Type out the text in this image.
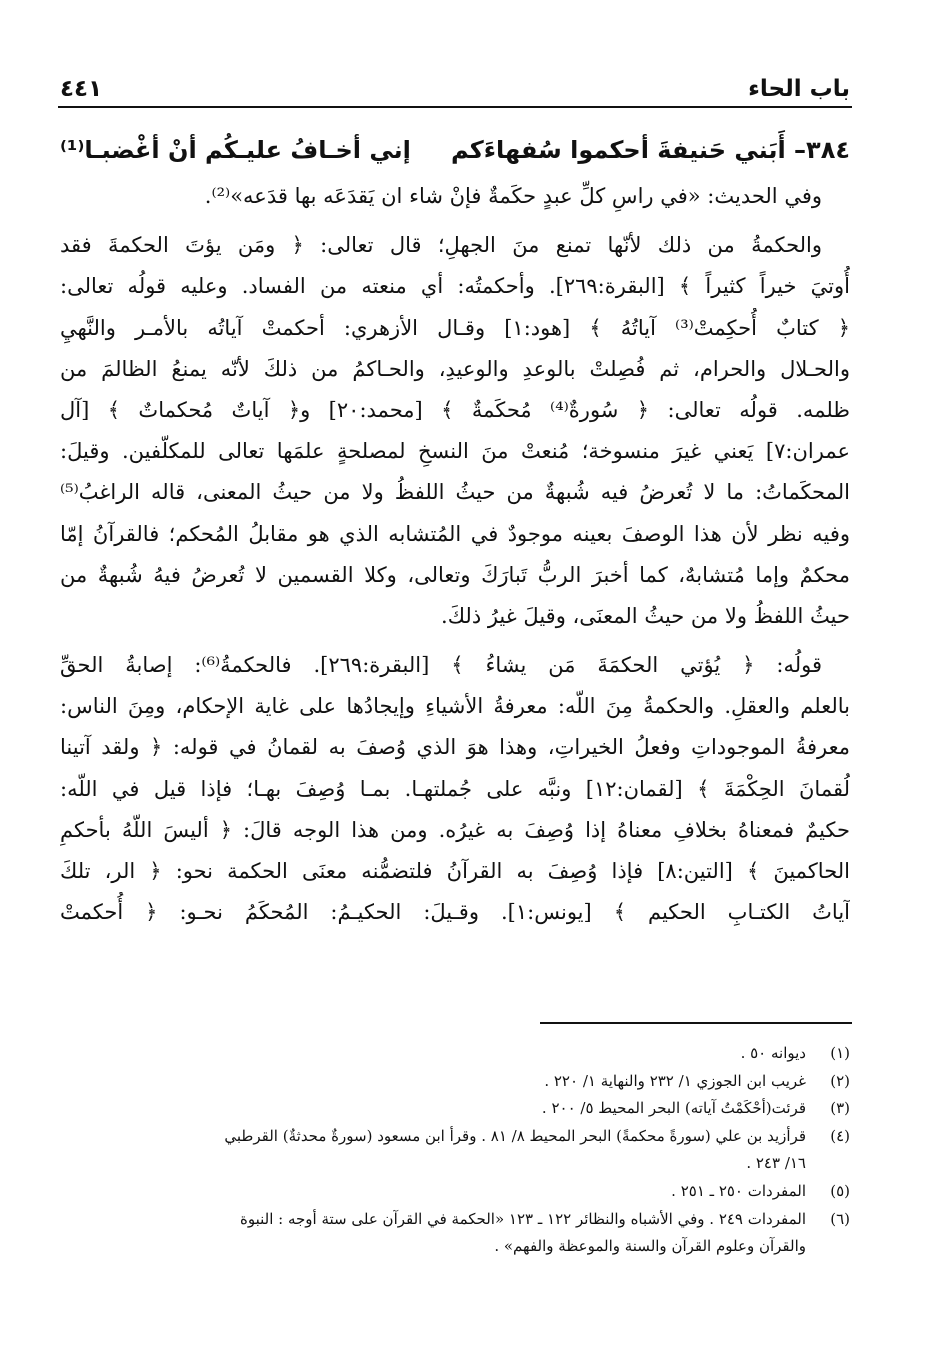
باب الحاء
٤٤١
٣٨٤– أَبَني حَنيفةَ أحكموا سُفهاءَكم
إني أخـافُ عليـكُم أنْ أغْضبـا⁽¹⁾
وفي الحديث: «في راسِ كلِّ عبدٍ حكَمةٌ فإنْ شاء ان يَقدَعَه بها قدَعه»⁽²⁾.
والحكمةُ من ذلك لأنّها تمنع منَ الجهلِ؛ قال تعالى: ﴿ ومَن يؤتَ الحكمةَ فقد
أُوتيَ خيراً كثيراً ﴾ [البقرة:٢٦٩]. وأحكمتُه: أي منعته من الفساد. وعليه قولُه تعالى:
﴿ كتابٌ أُحكِمتْ⁽³⁾ آياتُهُ ﴾ [هود:١] وقـال الأزهري: أحكمتْ آياتُه بالأمـر والنَّهيِ
والحـلال والحرام، ثم فُصِلتْ بالوعدِ والوعيدِ، والحـاكمُ من ذلكَ لأنّه يمنعُ الظالمَ من
ظلمه. قولُه تعالى: ﴿ سُورةٌ⁽⁴⁾ مُحكَمةٌ ﴾ [محمد:٢٠] و﴿ آياتٌ مُحكماتٌ ﴾ [آل
عمران:٧] يَعني غيرَ منسوخة؛ مُنعتْ منَ النسخِ لمصلحةٍ علمَها تعالى للمكلّفين. وقيلَ:
المحكَماتُ: ما لا تُعرضُ فيه شُبهةٌ من حيثُ اللفظُ ولا من حيثُ المعنى، قاله الراغبُ⁽⁵⁾
وفيه نظر لأن هذا الوصفَ بعينه موجودٌ في المُتشابه الذي هو مقابلُ المُحكم؛ فالقرآنُ إمّا
محكمٌ وإما مُتشابهٌ، كما أخبرَ الربُّ تَبارَكَ وتعالى، وكلا القسمين لا تُعرضُ فيهُ شُبهةٌ من
حيثُ اللفظُ ولا من حيثُ المعنَى، وقيلَ غيرُ ذلكَ.
قولُه: ﴿ يُؤتي الحكمَةَ مَن يشاءُ ﴾ [البقرة:٢٦٩]. فالحكمةُ⁽⁶⁾: إصابةُ الحقِّ
بالعلم والعقلِ. والحكمةُ مِنَ اللّه: معرفةُ الأشياءِ وإيجادُها على غاية الإحكام، ومِنَ الناس:
معرفةُ الموجوداتِ وفعلُ الخيراتِ، وهذا هوَ الذي وُصفَ به لقمانُ في قوله: ﴿ ولقد آتينا
لُقمانَ الحِكْمَةَ ﴾ [لقمان:١٢] ونبَّه على جُملتهـا. بمـا وُصِفَ بهـا؛ فإذا قيل في اللّه:
حكيمٌ فمعناهُ بخلافِ معناهُ إذا وُصِفَ به غيرُه. ومن هذا الوجه قالَ: ﴿ أليسَ اللّهُ بأحكمِ
الحاكمينَ ﴾ [التين:٨] فإذا وُصِفَ به القرآنُ فلتضمُّنه معنَى الحكمة نحو: ﴿ الر، تلكَ
آياتُ الكتـابِ الحكيم ﴾ [يونس:١]. وقـيلَ: الحكيـمُ: المُحكَمُ نحـو: ﴿ أُحكمتْ
(١)
ديوانه ٥٠ .
(٢)
غريب ابن الجوزي ١/ ٢٣٢ والنهاية ١/ ٢٢٠ .
(٣)
قرئت(أحْكَمْتُ آياته) البحر المحيط ٥/ ٢٠٠ .
(٤)
قرأزيد بن علي (سورةً محكمةً) البحر المحيط ٨/ ٨١ . وقرأ ابن مسعود (سورةٌ محدثةٌ) القرطبي
١٦/ ٢٤٣ .
(٥)
المفردات ٢٥٠ ـ ٢٥١ .
(٦)
المفردات ٢٤٩ . وفي الأشباه والنظائر ١٢٢ ـ ١٢٣ «الحكمة في القرآن على ستة أوجه : النبوة
والقرآن وعلوم القرآن والسنة والموعظة والفهم» .
